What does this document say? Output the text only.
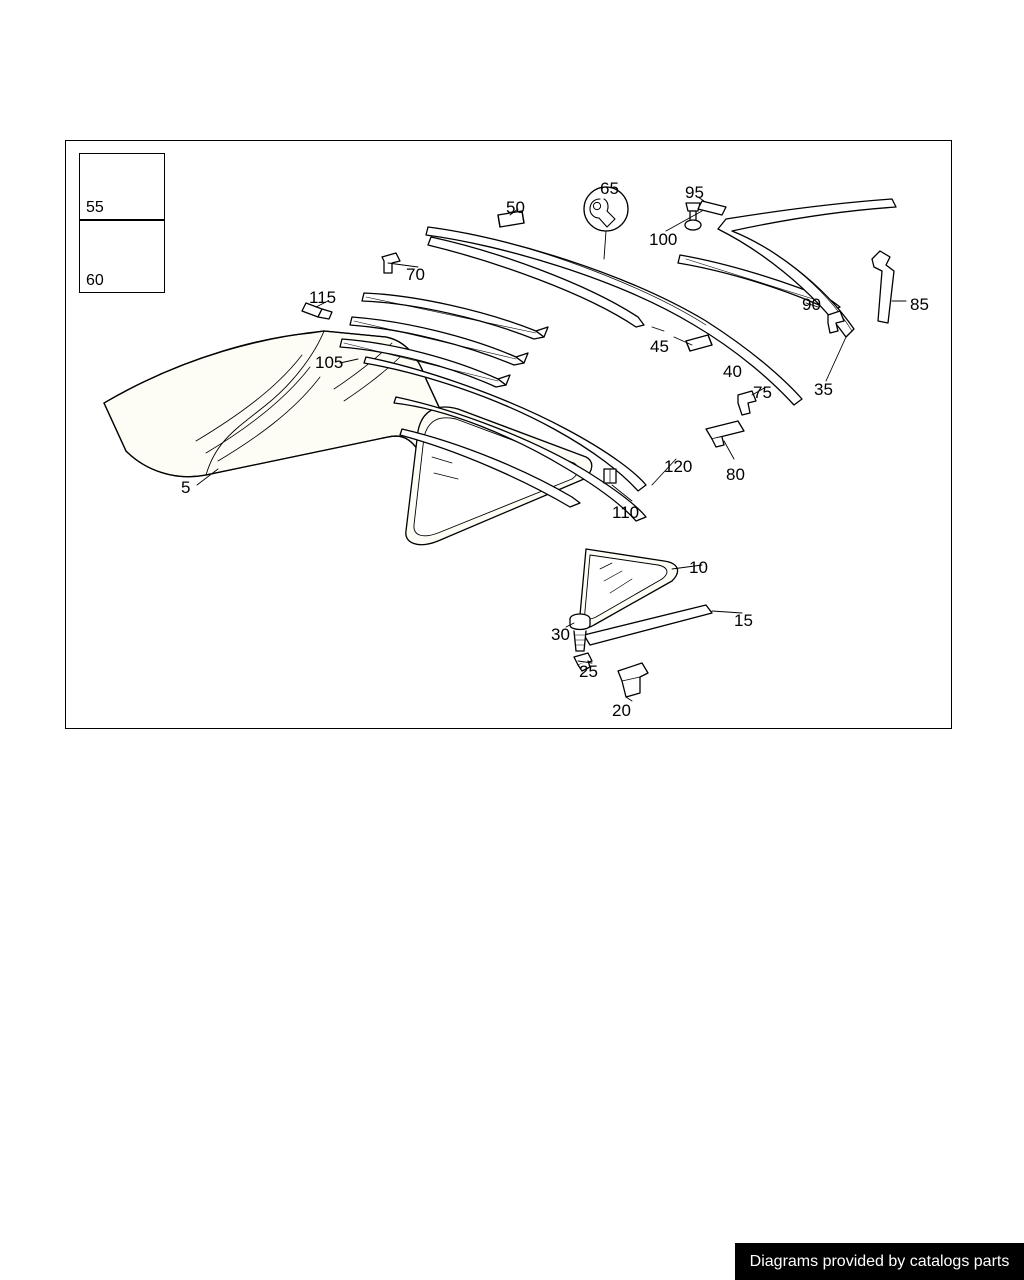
55
60
5
10
15
20
25
30
35
40
45
50
65
70
75
80
85
90
95
100
105
110
115
120
Diagrams provided by catalogs parts
